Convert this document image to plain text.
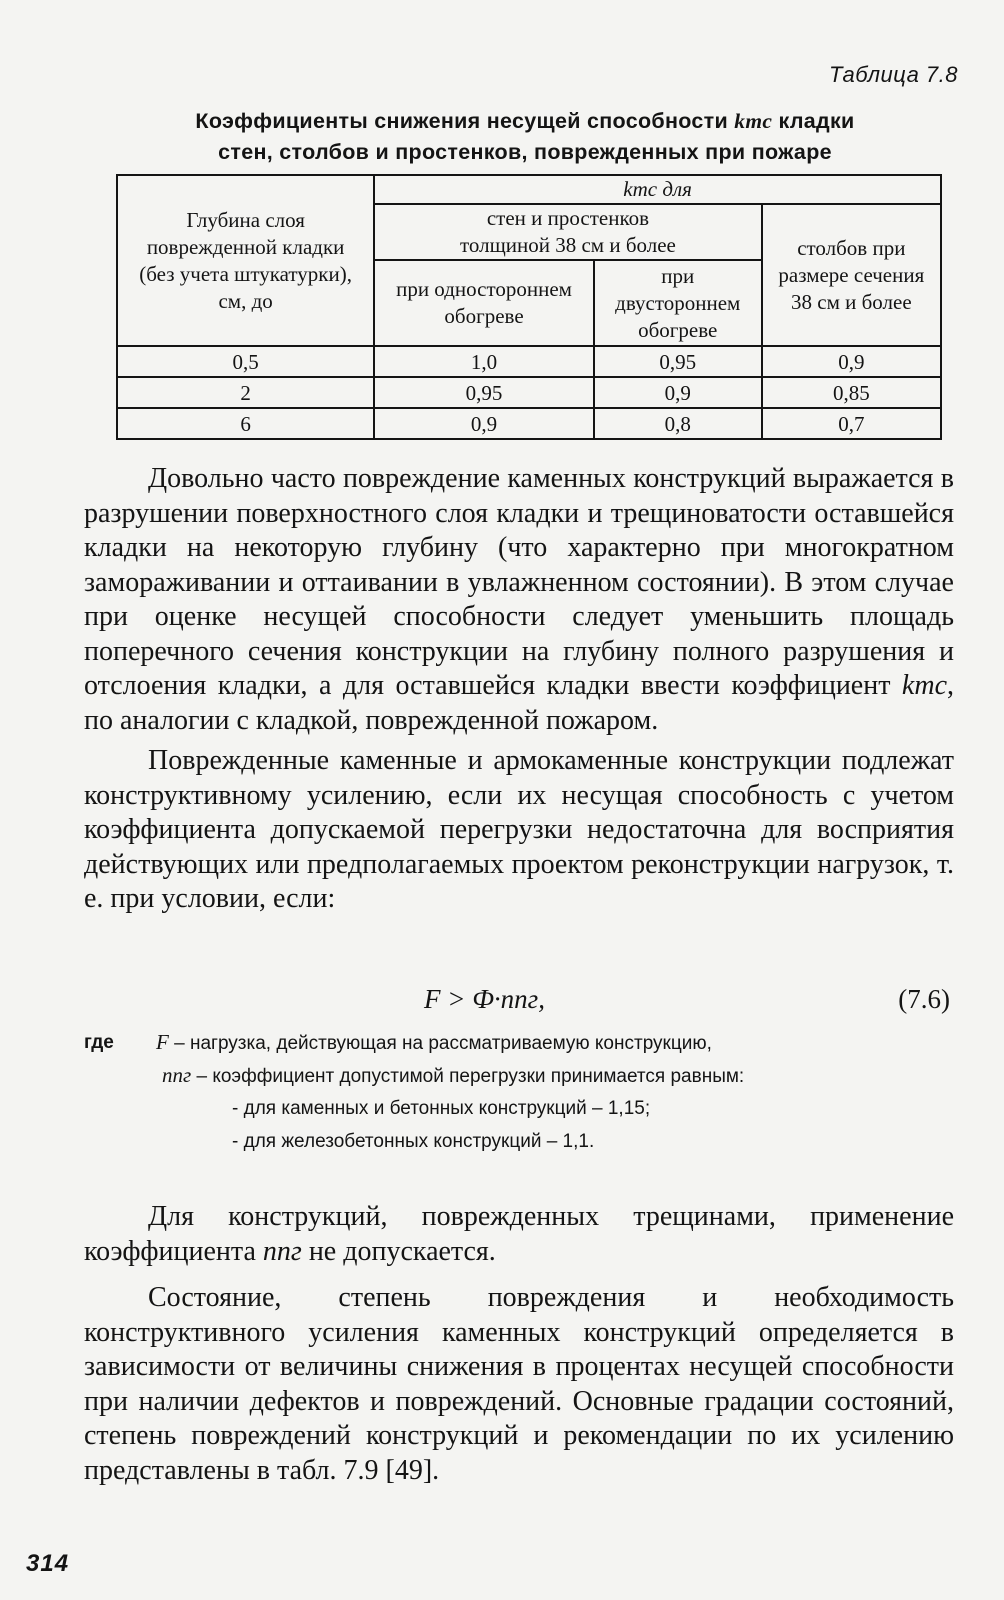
Таблица 7.8
Коэффициенты снижения несущей способности kтс кладки
стен, столбов и простенков, поврежденных при пожаре
Глубина слоя поврежденной кладки (без учета штукатурки), см, до	kтс для		
	стен и простенков толщиной 38 см и более		столбов при размере сечения 38 см и более
	при одностороннем обогреве	при двустороннем обогреве	
0,5	1,0	0,95	0,9
2	0,95	0,9	0,85
6	0,9	0,8	0,7

Довольно часто повреждение каменных конструкций выражается в разрушении поверхностного слоя кладки и трещиноватости оставшейся кладки на некоторую глубину (что характерно при многократном замораживании и оттаивании в увлажненном состоянии). В этом случае при оценке несущей способности следует уменьшить площадь поперечного сечения конструкции на глубину полного разрушения и отслоения кладки, а для оставшейся кладки ввести коэффициент kmc, по аналогии с кладкой, поврежденной пожаром.

Поврежденные каменные и армокаменные конструкции подлежат конструктивному усилению, если их несущая способность с учетом коэффициента допускаемой перегрузки недостаточна для восприятия действующих или предполагаемых проектом реконструкции нагрузок, т. е. при условии, если:

F > Ф·nпг,	(7.6)
где F – нагрузка, действующая на рассматриваемую конструкцию,
nпг – коэффициент допустимой перегрузки принимается равным:
- для каменных и бетонных конструкций – 1,15;
- для железобетонных конструкций – 1,1.

Для конструкций, поврежденных трещинами, применение коэффициента nпг не допускается.

Состояние, степень повреждения и необходимость конструктивного усиления каменных конструкций определяется в зависимости от величины снижения в процентах несущей способности при наличии дефектов и повреждений. Основные градации состояний, степень повреждений конструкций и рекомендации по их усилению представлены в табл. 7.9 [49].

314
